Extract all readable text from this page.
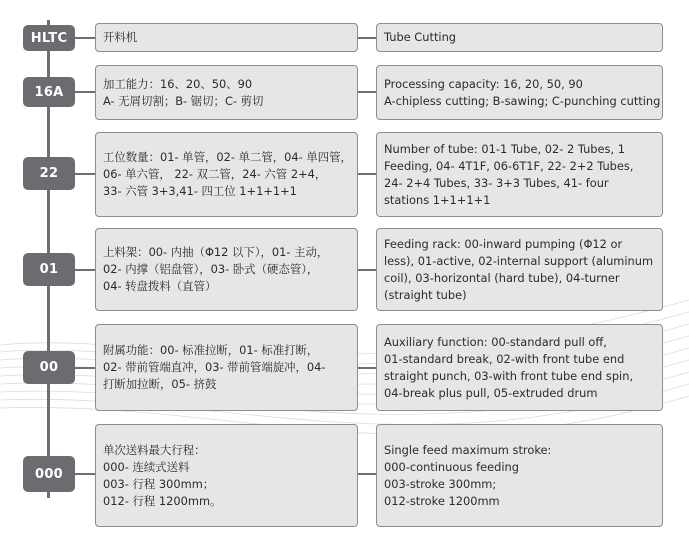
HLTC	开料机	Tube Cutting
16A
加工能力：16、20、50、90
A- 无屑切割；B- 锯切；C- 剪切
Processing capacity: 16, 20, 50, 90
A-chipless cutting; B-sawing; C-punching cutting
22
工位数量：01- 单管，02- 单二管，04- 单四管，
06- 单六管， 22- 双二管，24- 六管 2+4，
33- 六管 3+3,41- 四工位 1+1+1+1
Number of tube: 01-1 Tube, 02- 2 Tubes, 1
Feeding, 04- 4T1F, 06-6T1F, 22- 2+2 Tubes,
24- 2+4 Tubes, 33- 3+3 Tubes, 41- four
stations 1+1+1+1
01
上料架：00- 内抽（Φ12 以下），01- 主动，
02- 内撑（铝盘管），03- 卧式（硬态管），
04- 转盘拨料（直管）
Feeding rack: 00-inward pumping (Φ12 or
less), 01-active, 02-internal support (aluminum
coil), 03-horizontal (hard tube), 04-turner
(straight tube)
00
附属功能：00- 标准拉断，01- 标准打断，
02- 带前管端直冲，03- 带前管端旋冲，04-
打断加拉断，05- 挤鼓
Auxiliary function: 00-standard pull off,
01-standard break, 02-with front tube end
straight punch, 03-with front tube end spin,
04-break plus pull, 05-extruded drum
000
单次送料最大行程：
000- 连续式送料
003- 行程 300mm；
012- 行程 1200mm。
Single feed maximum stroke:
000-continuous feeding
003-stroke 300mm;
012-stroke 1200mm
